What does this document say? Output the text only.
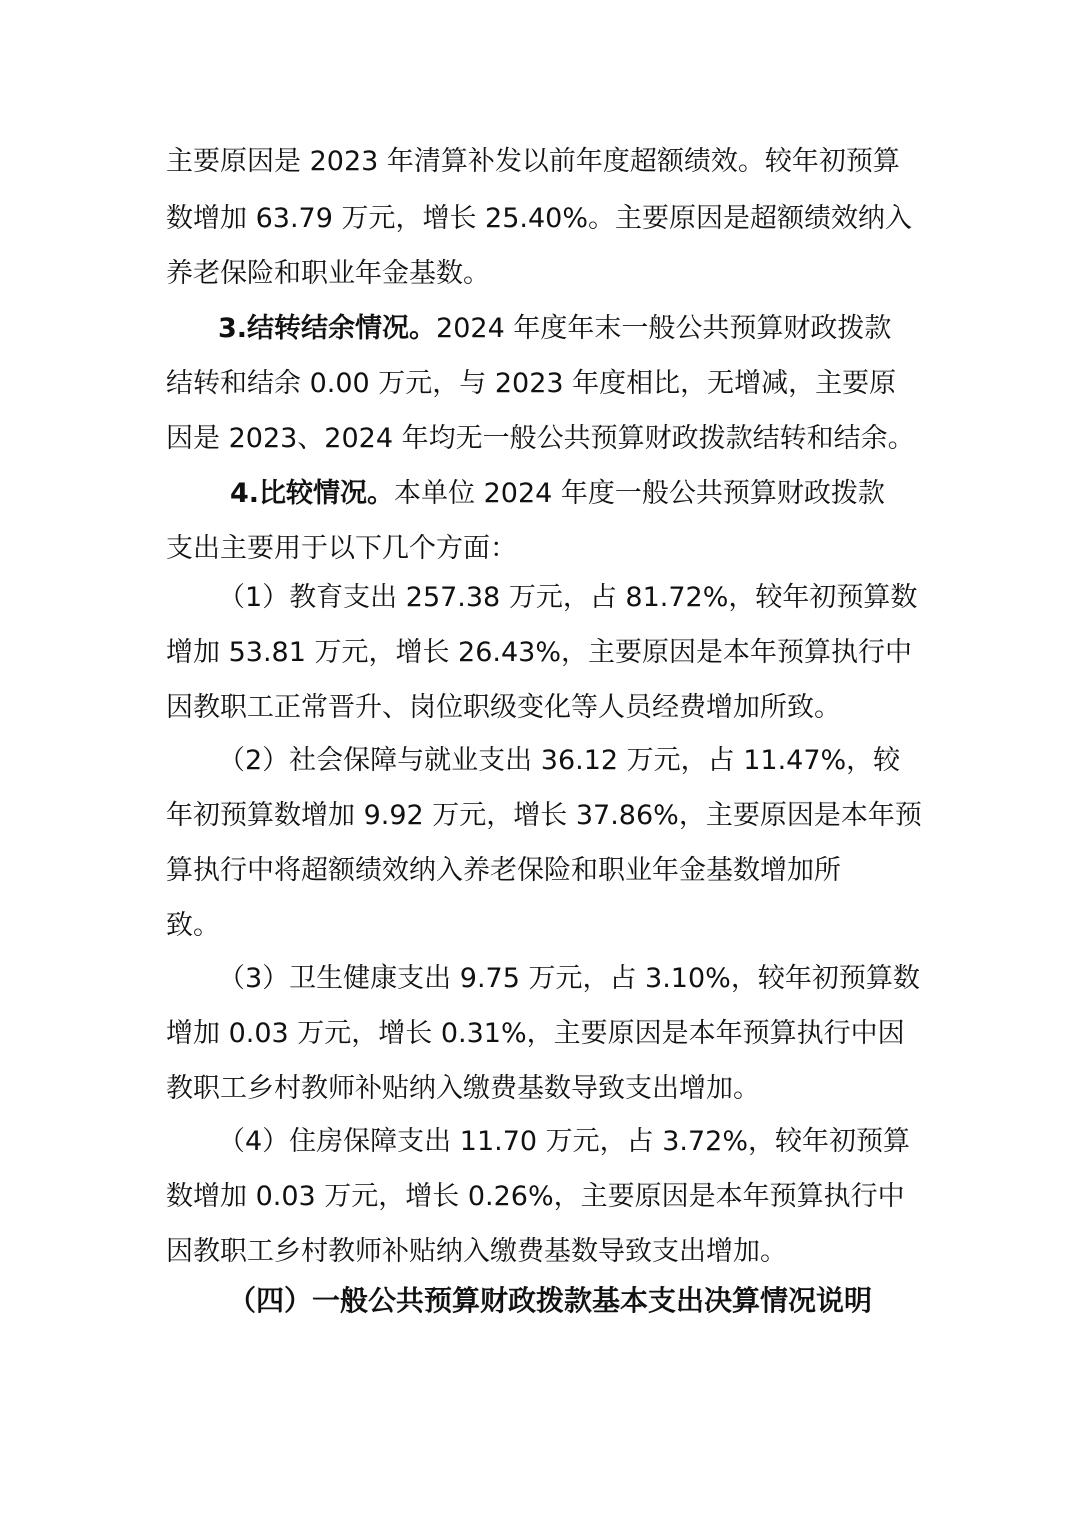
主要原因是 2023 年清算补发以前年度超额绩效。较年初预算
数增加 63.79 万元，增长 25.40%。主要原因是超额绩效纳入
养老保险和职业年金基数。
3.结转结余情况。2024 年度年末一般公共预算财政拨款
结转和结余 0.00 万元，与 2023 年度相比，无增减，主要原
因是 2023、2024 年均无一般公共预算财政拨款结转和结余。
4.比较情况。本单位 2024 年度一般公共预算财政拨款
支出主要用于以下几个方面：
（1）教育支出 257.38 万元，占 81.72%，较年初预算数
增加 53.81 万元，增长 26.43%，主要原因是本年预算执行中
因教职工正常晋升、岗位职级变化等人员经费增加所致。
（2）社会保障与就业支出 36.12 万元，占 11.47%，较
年初预算数增加 9.92 万元，增长 37.86%，主要原因是本年预
算执行中将超额绩效纳入养老保险和职业年金基数增加所
致。
（3）卫生健康支出 9.75 万元，占 3.10%，较年初预算数
增加 0.03 万元，增长 0.31%，主要原因是本年预算执行中因
教职工乡村教师补贴纳入缴费基数导致支出增加。
（4）住房保障支出 11.70 万元，占 3.72%，较年初预算
数增加 0.03 万元，增长 0.26%，主要原因是本年预算执行中
因教职工乡村教师补贴纳入缴费基数导致支出增加。
（四）一般公共预算财政拨款基本支出决算情况说明
